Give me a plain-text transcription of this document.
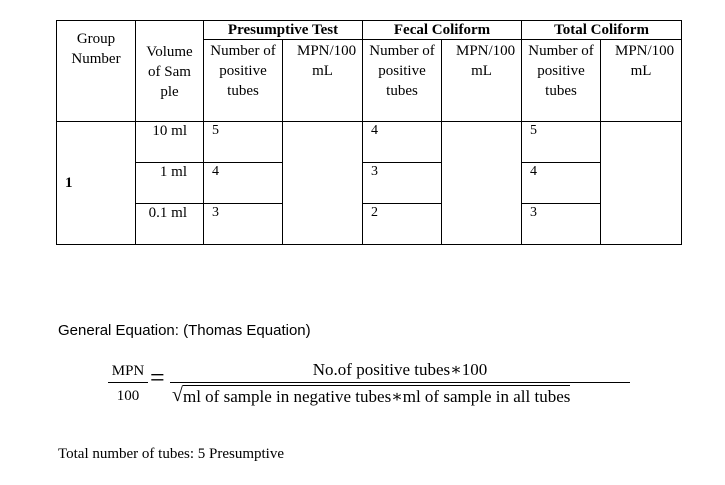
Group Number	Volume of Sample	Presumptive Test		Fecal Coliform		Total Coliform	
		Number of positive tubes	MPN/100 mL	Number of positive tubes	MPN/100 mL	Number of positive tubes	MPN/100 mL

1	10 ml	5		4		5	
	1 ml	4		3		4	
	0.1 ml	3		2		3	
General Equation: (Thomas Equation)
MPN
100
=	No.of positive tubes∗100
√ ml of sample in negative tubes∗ml of sample in all tubes
Total number of tubes: 5 Presumptive
